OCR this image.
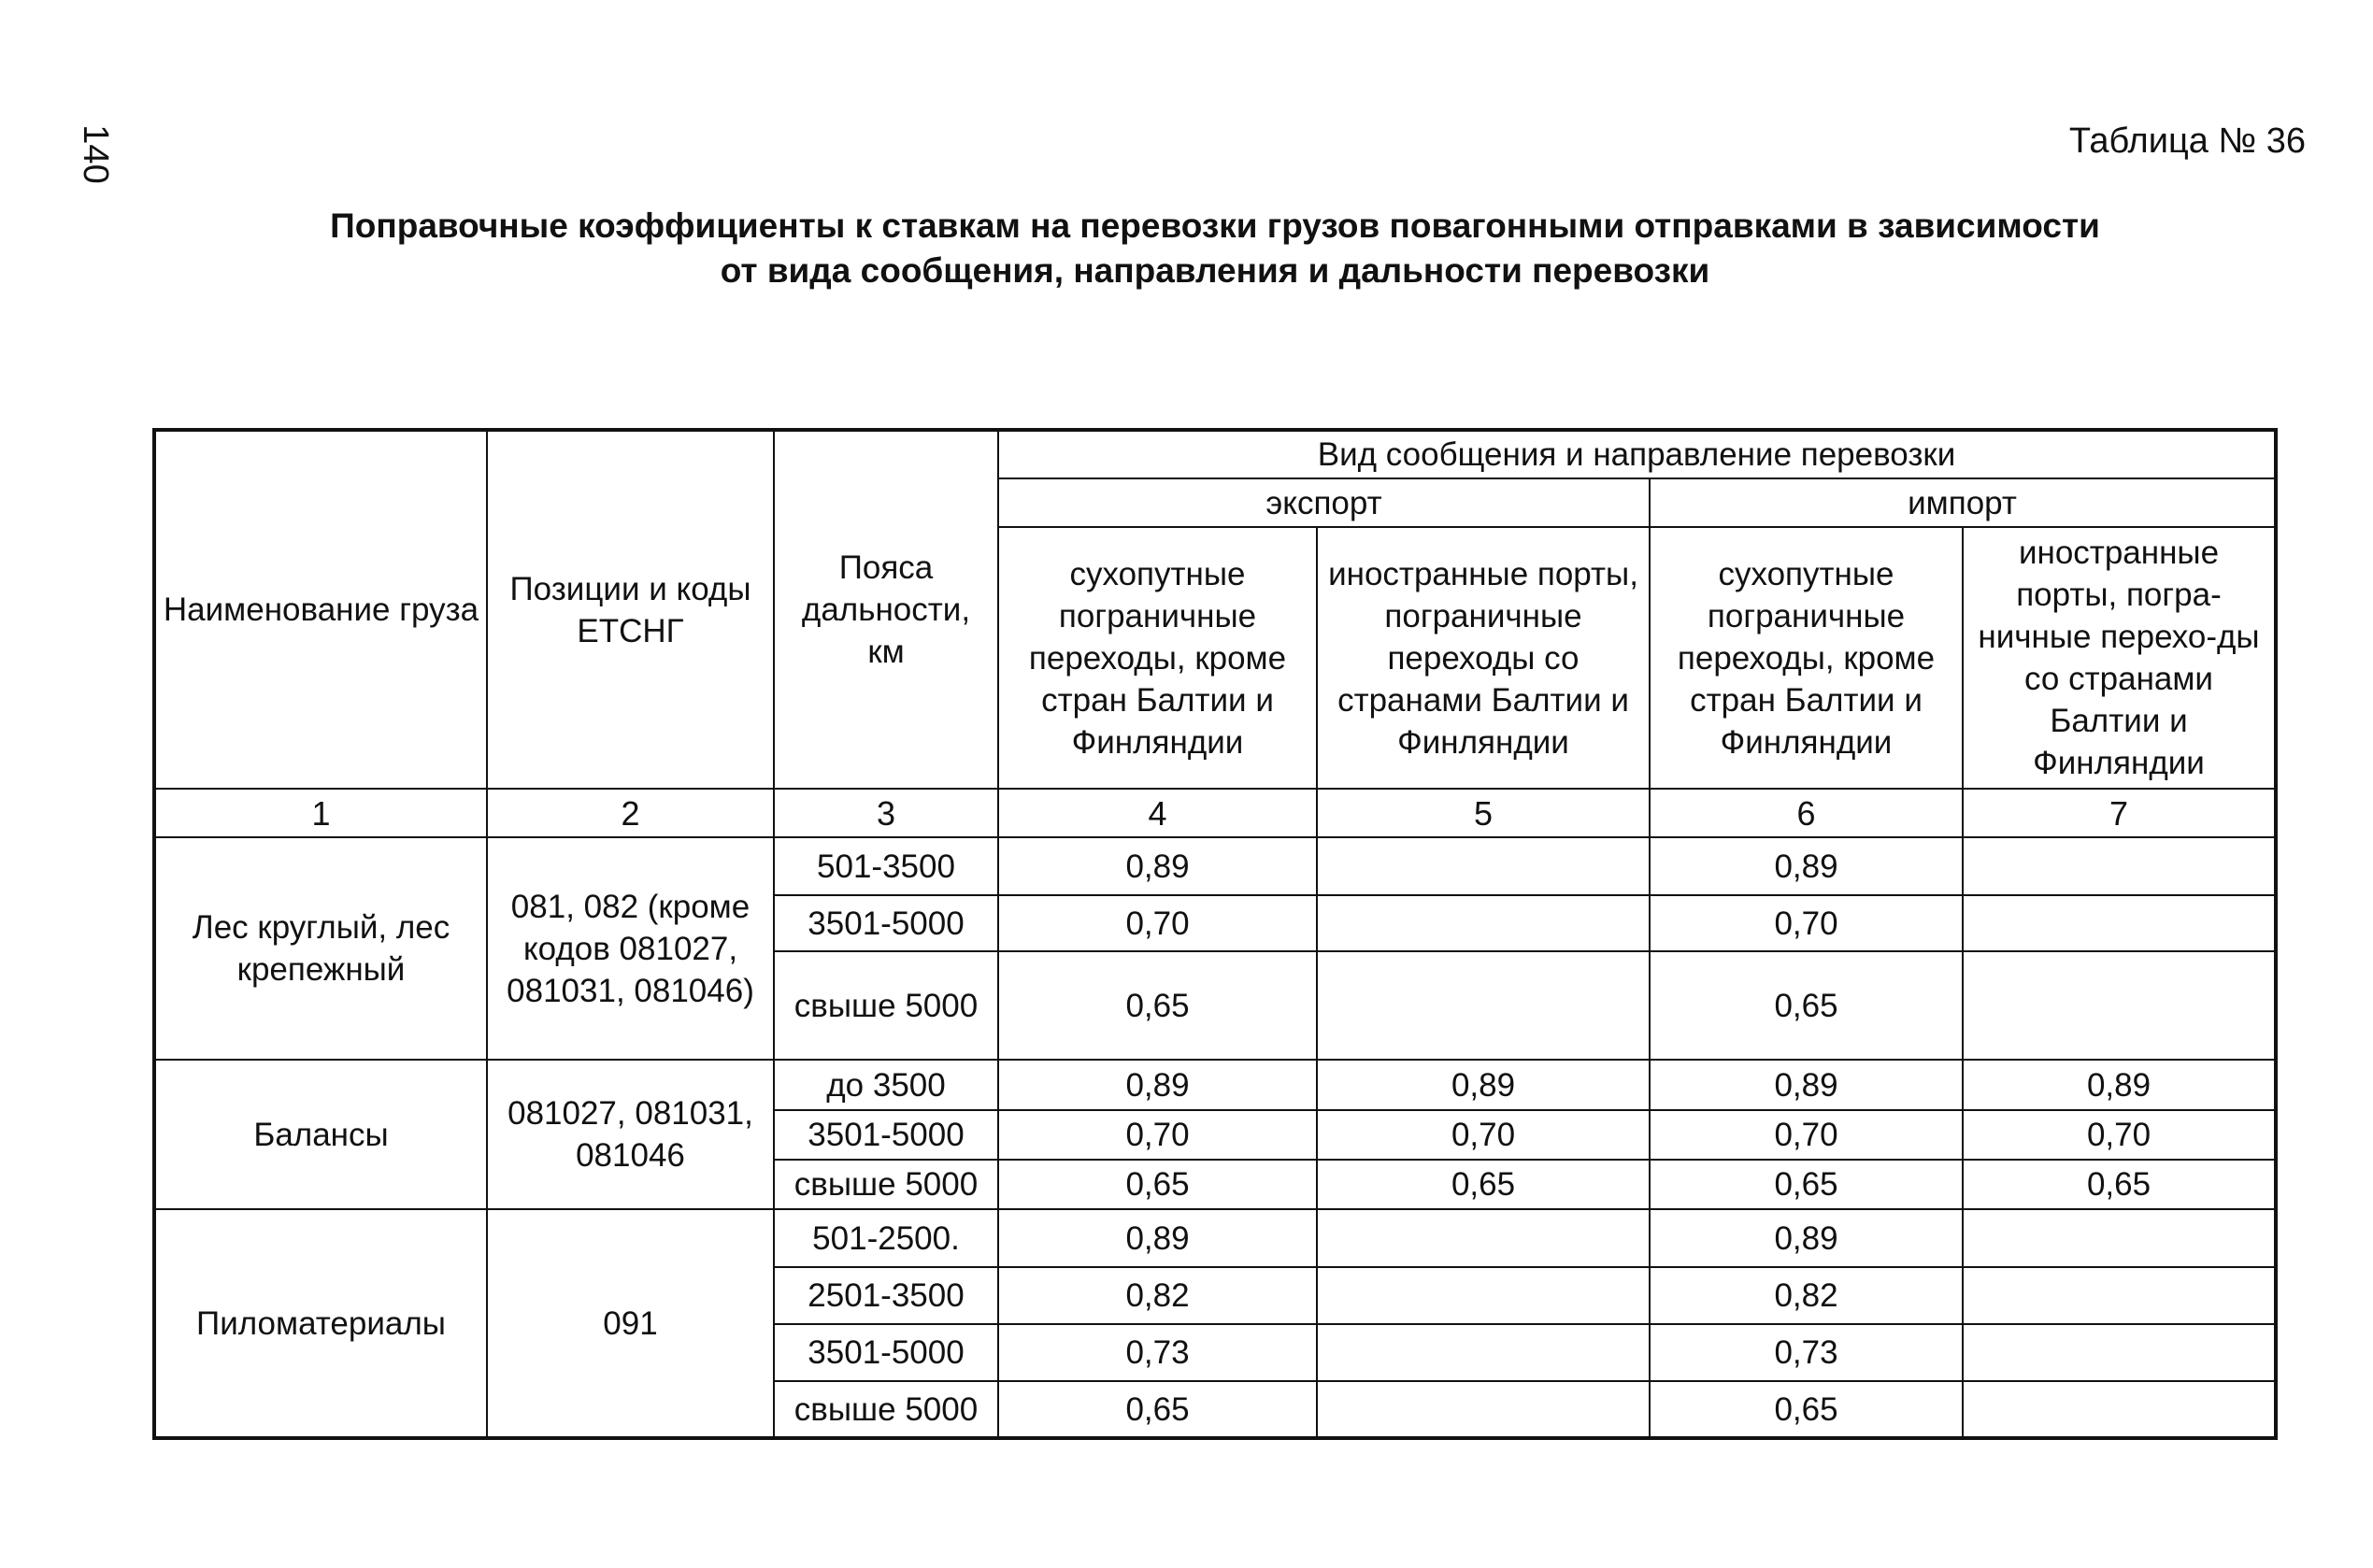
140	Таблица № 36
Поправочные коэффициенты к ставкам на перевозки грузов повагонными отправками в зависимости
от вида сообщения, направления и дальности перевозки
Наименование груза	Позиции и коды ЕТСНГ	Пояса дальности, км	Вид сообщения и направление перевозки			
			экспорт		импорт	
			сухопутные пограничные переходы, кроме стран Балтии и Финляндии	иностранные порты, пограничные переходы со странами Балтии и Финляндии	сухопутные пограничные переходы, кроме стран Балтии и Финляндии	иностранные порты, погра-ничные перехо-ды со странами Балтии и Финляндии
1	2	3	4	5	6	7
Лес круглый, лес крепежный	081, 082 (кроме кодов 081027, 081031, 081046)	501-3500	0,89		0,89	
		3501-5000	0,70		0,70	
		свыше 5000	0,65		0,65	
Балансы	081027, 081031, 081046	до 3500	0,89	0,89	0,89	0,89
		3501-5000	0,70	0,70	0,70	0,70
		свыше 5000	0,65	0,65	0,65	0,65
Пиломатериалы	091	501-2500.	0,89		0,89	
		2501-3500	0,82		0,82	
		3501-5000	0,73		0,73	
		свыше 5000	0,65		0,65	
